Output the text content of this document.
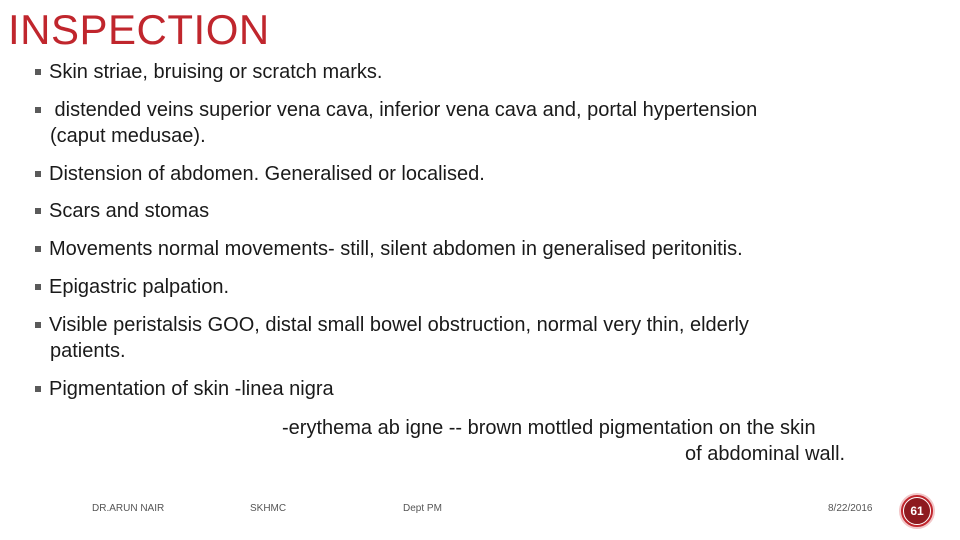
INSPECTION
Skin striae, bruising or scratch marks.
distended veins superior vena cava, inferior vena cava and, portal hypertension
(caput medusae).
Distension of abdomen. Generalised or localised.
Scars and stomas
Movements normal movements- still, silent abdomen in generalised peritonitis.
Epigastric palpation.
Visible peristalsis GOO, distal small bowel obstruction, normal very thin, elderly
patients.
Pigmentation of skin -linea nigra
-erythema ab igne -- brown mottled pigmentation on the skin
of abdominal wall.
DR.ARUN NAIR	SKHMC	Dept PM	8/22/2016	61
